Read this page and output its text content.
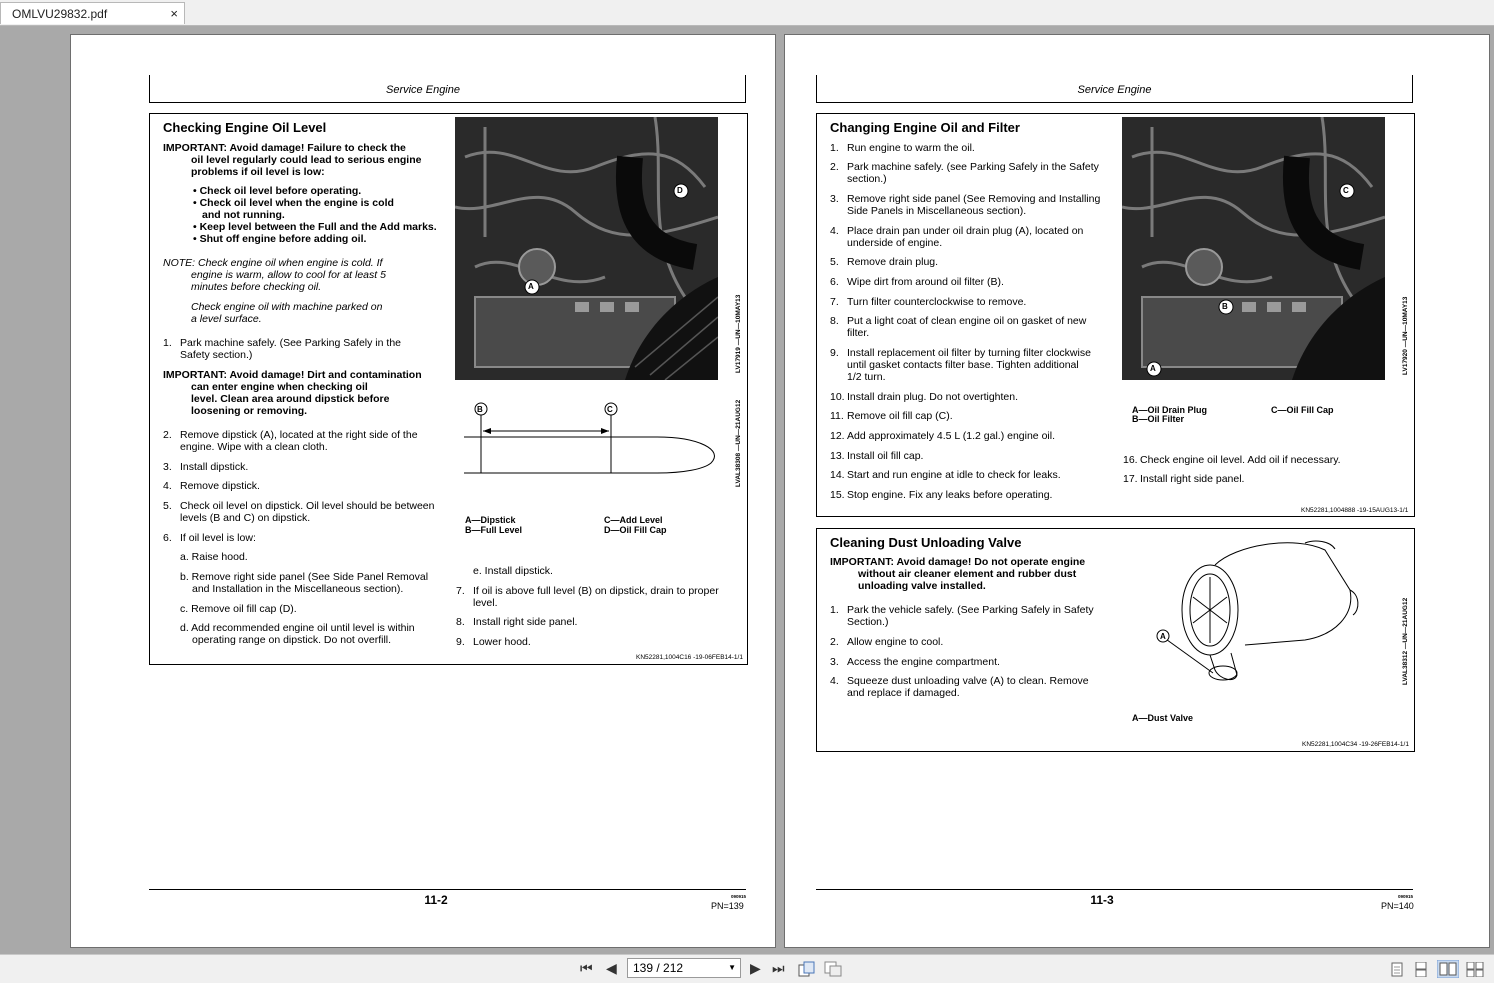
OMLVU29832.pdf	×
Service Engine
Checking Engine Oil Level
IMPORTANT: Avoid damage! Failure to check the
oil level regularly could lead to serious engine
problems if oil level is low:
• Check oil level before operating.
• Check oil level when the engine is cold
and not running.
• Keep level between the Full and the Add marks.
• Shut off engine before adding oil.
NOTE: Check engine oil when engine is cold. If
engine is warm, allow to cool for at least 5
minutes before checking oil.
Check engine oil with machine parked on
a level surface.
1. Park machine safely. (See Parking Safely in the
Safety section.)
IMPORTANT: Avoid damage! Dirt and contamination
can enter engine when checking oil
level. Clean area around dipstick before
loosening or removing.
2. Remove dipstick (A), located at the right side of the
engine. Wipe with a clean cloth.
3. Install dipstick.
4. Remove dipstick.
5. Check oil level on dipstick. Oil level should be between
levels (B and C) on dipstick.
6. If oil level is low:
a. Raise hood.
b. Remove right side panel (See Side Panel Removal
and Installation in the Miscellaneous section).
c. Remove oil fill cap (D).
d. Add recommended engine oil until level is within
operating range on dipstick. Do not overfill.
e. Install dipstick.
7. If oil is above full level (B) on dipstick, drain to proper
level.
8. Install right side panel.
9. Lower hood.
D
A
LV17919 —UN—10MAY13
B	C	LVAL38308 —UN—21AUG12
A—Dipstick
B—Full Level
C—Add Level
D—Oil Fill Cap
KN52281,1004C16 -19-06FEB14-1/1
11-2	090915
PN=139
Service Engine
Changing Engine Oil and Filter
1. Run engine to warm the oil.
2. Park machine safely. (see Parking Safely in the Safety
section.)
3. Remove right side panel (See Removing and Installing
Side Panels in Miscellaneous section).
4. Place drain pan under oil drain plug (A), located on
underside of engine.
5. Remove drain plug.
6. Wipe dirt from around oil filter (B).
7. Turn filter counterclockwise to remove.
8. Put a light coat of clean engine oil on gasket of new
filter.
9. Install replacement oil filter by turning filter clockwise
until gasket contacts filter base. Tighten additional
1/2 turn.
10. Install drain plug. Do not overtighten.
11. Remove oil fill cap (C).
12. Add approximately 4.5 L (1.2 gal.) engine oil.
13. Install oil fill cap.
14. Start and run engine at idle to check for leaks.
15. Stop engine. Fix any leaks before operating.
C
B
A	LV17920 —UN—10MAY13
A—Oil Drain Plug
B—Oil Filter
C—Oil Fill Cap
16. Check engine oil level. Add oil if necessary.
17. Install right side panel.
KN52281,1004888 -19-15AUG13-1/1
Cleaning Dust Unloading Valve
IMPORTANT: Avoid damage! Do not operate engine
without air cleaner element and rubber dust
unloading valve installed.
1. Park the vehicle safely. (See Parking Safely in Safety
Section.)
2. Allow engine to cool.
3. Access the engine compartment.
4. Squeeze dust unloading valve (A) to clean. Remove
and replace if damaged.
A	LVAL38312 —UN—21AUG12
A—Dust Valve
KN52281,1004C34 -19-26FEB14-1/1
11-3	090915
PN=140
⏮ ◀	139 / 212	▼ ▶ ⏭
